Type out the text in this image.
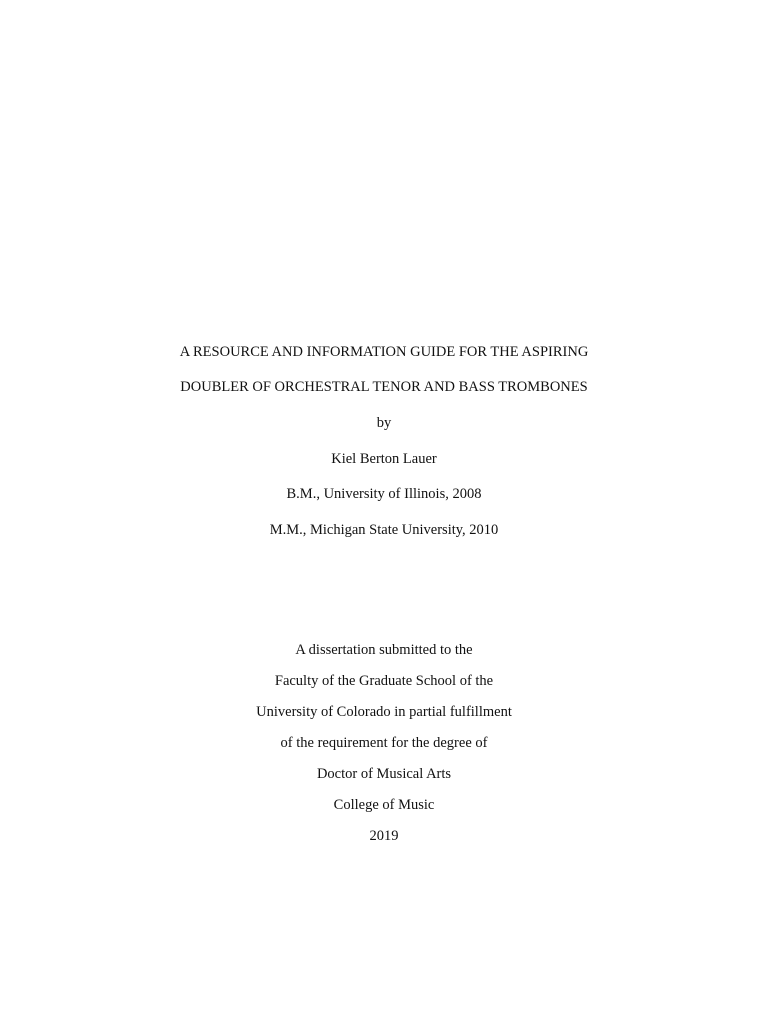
A RESOURCE AND INFORMATION GUIDE FOR THE ASPIRING
DOUBLER OF ORCHESTRAL TENOR AND BASS TROMBONES
by
Kiel Berton Lauer
B.M., University of Illinois, 2008
M.M., Michigan State University, 2010
A dissertation submitted to the
Faculty of the Graduate School of the
University of Colorado in partial fulfillment
of the requirement for the degree of
Doctor of Musical Arts
College of Music
2019
